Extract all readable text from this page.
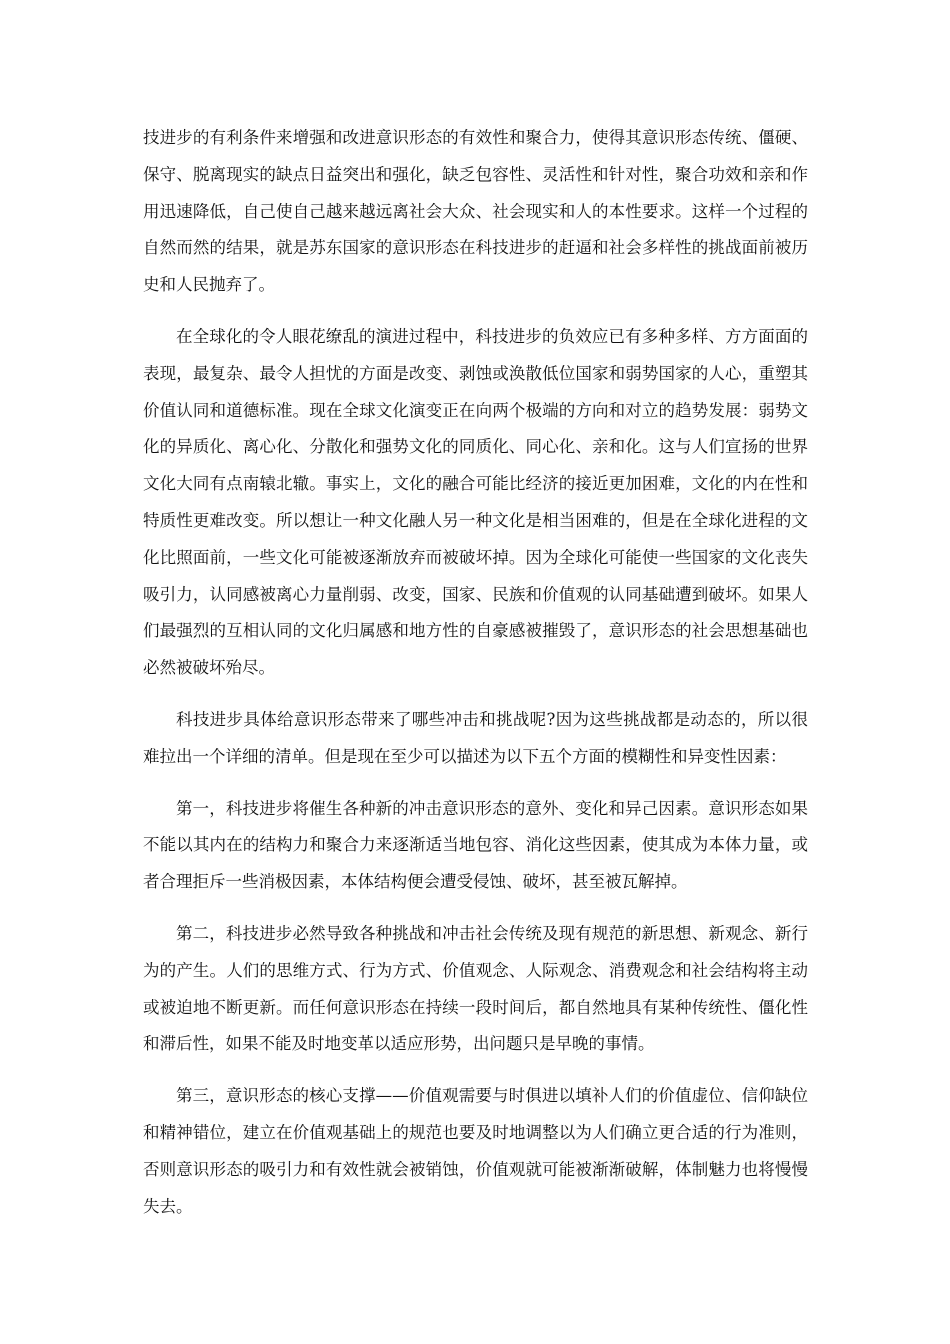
技进步的有利条件来增强和改进意识形态的有效性和聚合力，使得其意识形态传统、僵硬、保守、脱离现实的缺点日益突出和强化，缺乏包容性、灵活性和针对性，聚合功效和亲和作用迅速降低，自己使自己越来越远离社会大众、社会现实和人的本性要求。这样一个过程的自然而然的结果，就是苏东国家的意识形态在科技进步的赶逼和社会多样性的挑战面前被历史和人民抛弃了。

在全球化的令人眼花缭乱的演进过程中，科技进步的负效应已有多种多样、方方面面的表现，最复杂、最令人担忧的方面是改变、剥蚀或涣散低位国家和弱势国家的人心，重塑其价值认同和道德标准。现在全球文化演变正在向两个极端的方向和对立的趋势发展：弱势文化的异质化、离心化、分散化和强势文化的同质化、同心化、亲和化。这与人们宣扬的世界文化大同有点南辕北辙。事实上，文化的融合可能比经济的接近更加困难，文化的内在性和特质性更难改变。所以想让一种文化融人另一种文化是相当困难的，但是在全球化进程的文化比照面前，一些文化可能被逐渐放弃而被破坏掉。因为全球化可能使一些国家的文化丧失吸引力，认同感被离心力量削弱、改变，国家、民族和价值观的认同基础遭到破坏。如果人们最强烈的互相认同的文化归属感和地方性的自豪感被摧毁了，意识形态的社会思想基础也必然被破坏殆尽。

科技进步具体给意识形态带来了哪些冲击和挑战呢?因为这些挑战都是动态的，所以很难拉出一个详细的清单。但是现在至少可以描述为以下五个方面的模糊性和异变性因素：

第一，科技进步将催生各种新的冲击意识形态的意外、变化和异己因素。意识形态如果不能以其内在的结构力和聚合力来逐渐适当地包容、消化这些因素，使其成为本体力量，或者合理拒斥一些消极因素，本体结构便会遭受侵蚀、破坏，甚至被瓦解掉。

第二，科技进步必然导致各种挑战和冲击社会传统及现有规范的新思想、新观念、新行为的产生。人们的思维方式、行为方式、价值观念、人际观念、消费观念和社会结构将主动或被迫地不断更新。而任何意识形态在持续一段时间后，都自然地具有某种传统性、僵化性和滞后性，如果不能及时地变革以适应形势，出问题只是早晚的事情。

第三，意识形态的核心支撑——价值观需要与时俱进以填补人们的价值虚位、信仰缺位和精神错位，建立在价值观基础上的规范也要及时地调整以为人们确立更合适的行为准则，否则意识形态的吸引力和有效性就会被销蚀，价值观就可能被渐渐破解，体制魅力也将慢慢失去。
